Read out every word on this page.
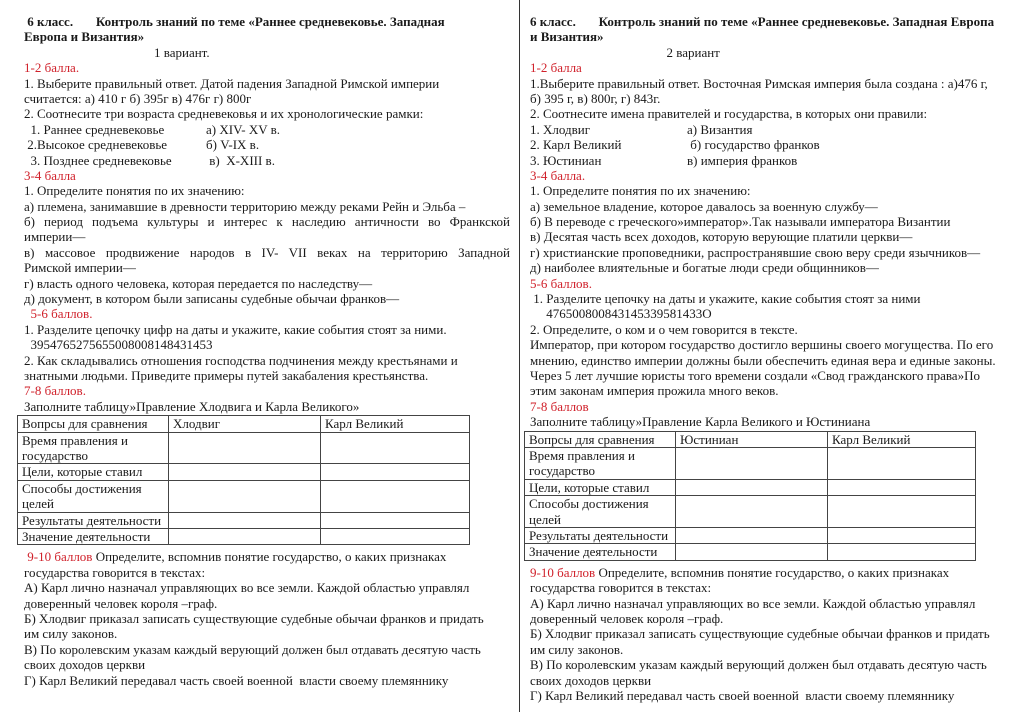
6 класс.       Контроль знаний по теме «Раннее средневековье. Западная
Европа и Византия»
1 вариант.
1-2 балла.
1. Выберите правильный ответ. Датой падения Западной Римской империи
считается: а) 410 г б) 395г в) 476г г) 800г
2. Соотнесите три возраста средневековья и их хронологические рамки:
1. Раннее средневековье	а) XIV- XV в.
2.Высокое средневековье	б) V-IX в.
3. Позднее средневековье	в)  X-XIII в.
3-4 балла
1. Определите понятия по их значению:
а) племена, занимавшие в древности территорию между реками Рейн и Эльба –
б) период подъема культуры и интерес к наследию античности во Франкской
империи—
в) массовое продвижение народов в IV- VII веках на территорию Западной
Римской империи—
г) власть одного человека, которая передается по наследству—
д) документ, в котором были записаны судебные обычаи франков—
5-6 баллов.
1. Разделите цепочку цифр на даты и укажите, какие события стоят за ними.
3954765275655008008148431453
2. Как складывались отношения господства подчинения между крестьянами и
знатными людьми. Приведите примеры путей закабаления крестьянства.
7-8 баллов.
Заполните таблицу»Правление Хлодвига и Карла Великого»
Вопрсы для сравнения	Хлодвиг	Карл Великий
Время правления и государство		
Цели, которые ставил		
Способы достижения целей		
Результаты деятельности		
Значение деятельности		
9-10 баллов Определите, вспомнив понятие государство, о каких признаках
государства говорится в текстах:
А) Карл лично назначал управляющих во все земли. Каждой областью управлял
доверенный человек короля –граф.
Б) Хлодвиг приказал записать существующие судебные обычаи франков и придать
им силу законов.
В) По королевским указам каждый верующий должен был отдавать десятую часть
своих доходов церкви
Г) Карл Великий передавал часть своей военной  власти своему племяннику
6 класс.       Контроль знаний по теме «Раннее средневековье. Западная Европа
и Византия»
2 вариант
1-2 балла
1.Выберите правильный ответ. Восточная Римская империя была создана : а)476 г,
б) 395 г, в) 800г, г) 843г.
2. Соотнесите имена правителей и государства, в которых они правили:
1. Хлодвиг	а) Византия
2. Карл Великий	б) государство франков
3. Юстиниан	в) империя франков
3-4 балла.
1. Определите понятия по их значению:
а) земельное владение, которое давалось за военную службу—
б) В переводе с греческого»император».Так называли императора Византии
в) Десятая часть всех доходов, которую верующие платили церкви—
г) христианские проповедники, распространявшие свою веру среди язычников—
д) наиболее влиятельные и богатые люди среди общинников—
5-6 баллов.
1. Разделите цепочку на даты и укажите, какие события стоят за ними
476500800843145339581433О
2. Определите, о ком и о чем говорится в тексте.
Император, при котором государство достигло вершины своего могущества. По его
мнению, единство империи должны были обеспечить единая вера и единые законы.
Через 5 лет лучшие юристы того времени создали «Свод гражданского права»По
этим законам империя прожила много веков.
7-8 баллов
Заполните таблицу»Правление Карла Великого и Юстиниана
Вопрсы для сравнения	Юстиниан	Карл Великий
Время правления и государство		
Цели, которые ставил		
Способы достижения целей		
Результаты деятельности		
Значение деятельности		
9-10 баллов Определите, вспомнив понятие государство, о каких признаках
государства говорится в текстах:
А) Карл лично назначал управляющих во все земли. Каждой областью управлял
доверенный человек короля –граф.
Б) Хлодвиг приказал записать существующие судебные обычаи франков и придать
им силу законов.
В) По королевским указам каждый верующий должен был отдавать десятую часть
своих доходов церкви
Г) Карл Великий передавал часть своей военной  власти своему племяннику
